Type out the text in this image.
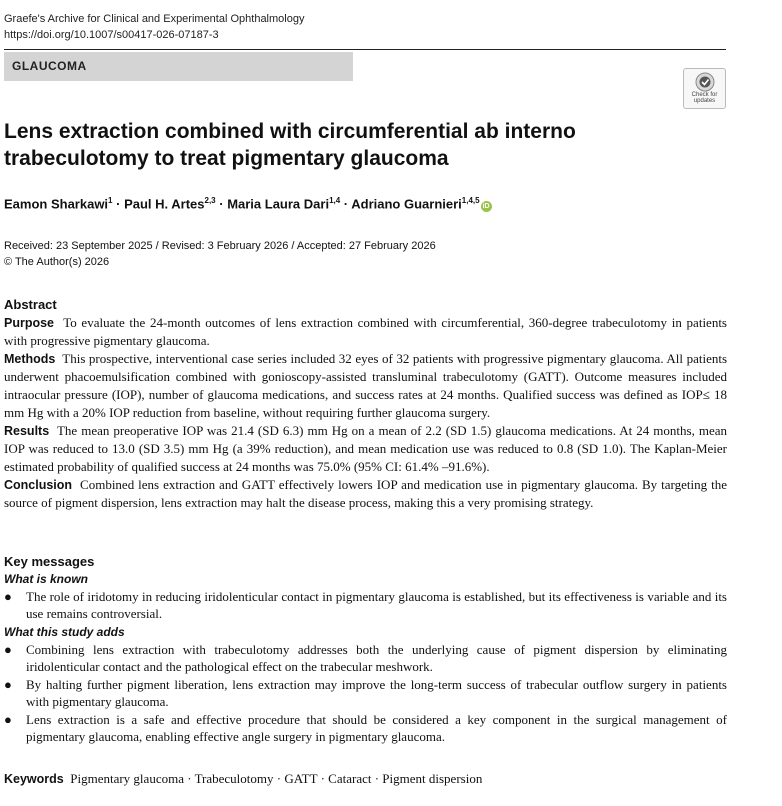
Graefe's Archive for Clinical and Experimental Ophthalmology
https://doi.org/10.1007/s00417-026-07187-3
GLAUCOMA
Check for
updates
Lens extraction combined with circumferential ab interno
trabeculotomy to treat pigmentary glaucoma
Eamon Sharkawi$^1$ · Paul H. Artes$^{2,3}$ · Maria Laura Dari$^{1,4}$ · Adriano Guarnieri$^{1,4,5}$iD
Received: 23 September 2025 / Revised: 3 February 2026 / Accepted: 27 February 2026
© The Author(s) 2026

Abstract

Purpose To evaluate the 24-month outcomes of lens extraction combined with circumferential, 360-degree trabeculotomy in patients with progressive pigmentary glaucoma.

Methods This prospective, interventional case series included 32 eyes of 32 patients with progressive pigmentary glaucoma. All patients underwent phacoemulsification combined with gonioscopy-assisted transluminal trabeculotomy (GATT). Outcome measures included intraocular pressure (IOP), number of glaucoma medications, and success rates at 24 months. Qualified success was defined as IOP≤ 18 mm Hg with a 20% IOP reduction from baseline, without requiring further glaucoma surgery.

Results The mean preoperative IOP was 21.4 (SD 6.3) mm Hg on a mean of 2.2 (SD 1.5) glaucoma medications. At 24 months, mean IOP was reduced to 13.0 (SD 3.5) mm Hg (a 39% reduction), and mean medication use was reduced to 0.8 (SD 1.0). The Kaplan-Meier estimated probability of qualified success at 24 months was 75.0% (95% CI: 61.4% –91.6%).

Conclusion Combined lens extraction and GATT effectively lowers IOP and medication use in pigmentary glaucoma. By targeting the source of pigment dispersion, lens extraction may halt the disease process, making this a very promising strategy.

Key messages

What is known

● The role of iridotomy in reducing iridolenticular contact in pigmentary glaucoma is established, but its effectiveness is variable and its use remains controversial.

What this study adds

● Combining lens extraction with trabeculotomy addresses both the underlying cause of pigment dispersion by eliminating iridolenticular contact and the pathological effect on the trabecular meshwork.
● By halting further pigment liberation, lens extraction may improve the long-term success of trabecular outflow surgery in patients with pigmentary glaucoma.
● Lens extraction is a safe and effective procedure that should be considered a key component in the surgical management of pigmentary glaucoma, enabling effective angle surgery in pigmentary glaucoma.
Keywords Pigmentary glaucoma · Trabeculotomy · GATT · Cataract · Pigment dispersion
